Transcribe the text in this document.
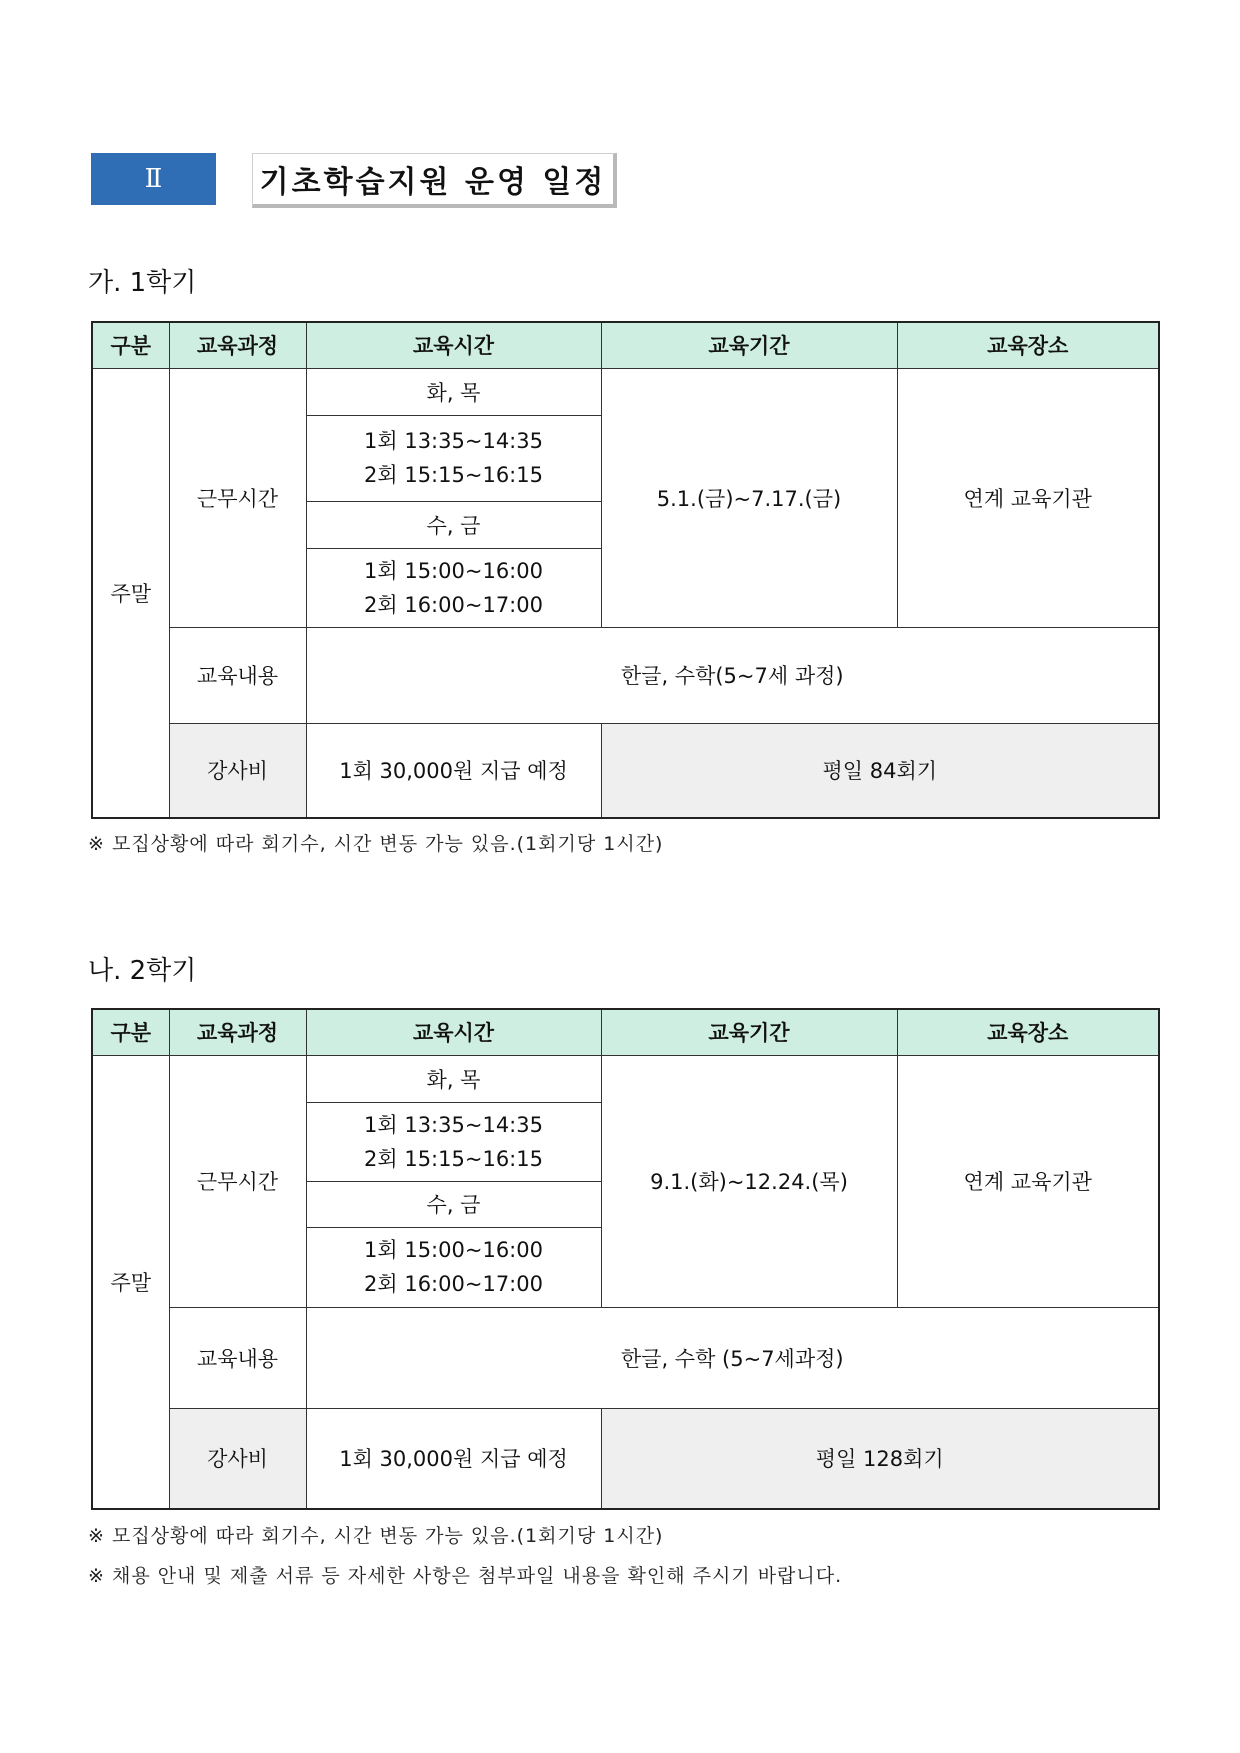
Ⅱ	기초학습지원 운영 일정
가. 1학기
구분	교육과정	교육시간	교육기간	교육장소
주말	근무시간	화, 목	5.1.(금)~7.17.(금)	연계 교육기관

		1회 13:35~14:35
2회 15:15~16:15		

		수, 금		

		1회 15:00~16:00
2회 16:00~17:00		

	교육내용	한글, 수학(5~7세 과정)		
	강사비	1회 30,000원 지급 예정	평일 84회기	
※ 모집상황에 따라 회기수, 시간 변동 가능 있음.(1회기당 1시간)
나. 2학기
구분	교육과정	교육시간	교육기간	교육장소
주말	근무시간	화, 목	9.1.(화)~12.24.(목)	연계 교육기관

		1회 13:35~14:35
2회 15:15~16:15		

		수, 금		

		1회 15:00~16:00
2회 16:00~17:00		

	교육내용	한글, 수학 (5~7세과정)		
	강사비	1회 30,000원 지급 예정	평일 128회기	
※ 모집상황에 따라 회기수, 시간 변동 가능 있음.(1회기당 1시간)
※ 채용 안내 및 제출 서류 등 자세한 사항은 첨부파일 내용을 확인해 주시기 바랍니다.
